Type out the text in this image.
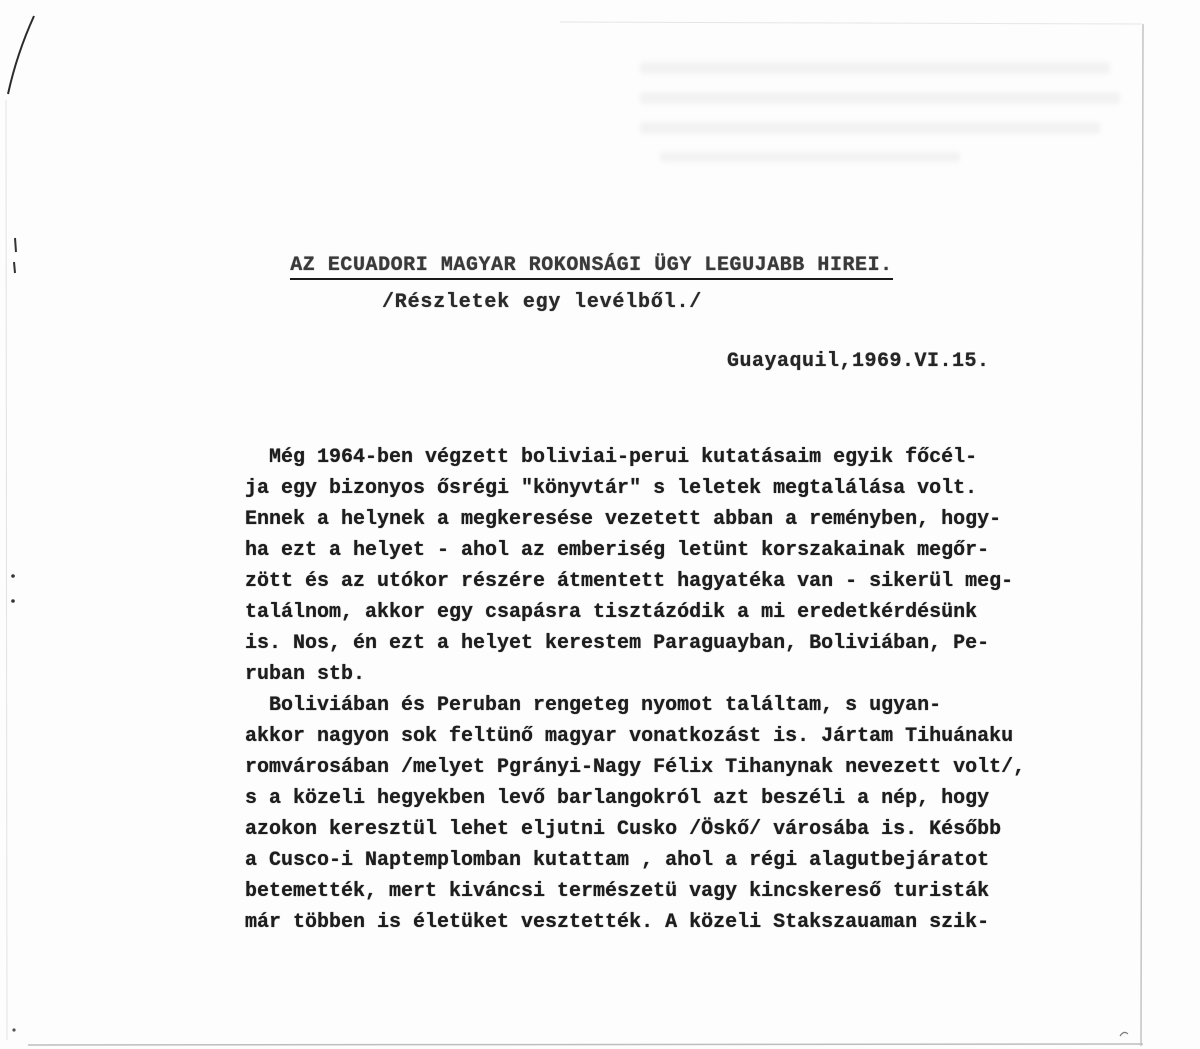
AZ ECUADORI MAGYAR ROKONSÁGI ÜGY LEGUJABB HIREI.

/Részletek egy levélből./
Guayaquil,1969.VI.15.
Még 1964-ben végzett boliviai-perui kutatásaim egyik főcél-
ja egy bizonyos ősrégi "könyvtár" s leletek megtalálása volt.
Ennek a helynek a megkeresése vezetett abban a reményben, hogy-
ha ezt a helyet - ahol az emberiség letünt korszakainak megőr-
zött és az utókor részére átmentett hagyatéka van - sikerül meg-
találnom, akkor egy csapásra tisztázódik a mi eredetkérdésünk
is. Nos, én ezt a helyet kerestem Paraguayban, Boliviában, Pe-
ruban stb.
Boliviában és Peruban rengeteg nyomot találtam, s ugyan-
akkor nagyon sok feltünő magyar vonatkozást is. Jártam Tihuánaku
romvárosában /melyet Pgrányi-Nagy Félix Tihanynak nevezett volt/,
s a közeli hegyekben levő barlangokról azt beszéli a nép, hogy
azokon keresztül lehet eljutni Cusko /Öskő/ városába is. Később
a Cusco-i Naptemplomban kutattam , ahol a régi alagutbejáratot
betemették, mert kiváncsi természetü vagy kincskereső turisták
már többen is életüket vesztették. A közeli Stakszauaman szik-
